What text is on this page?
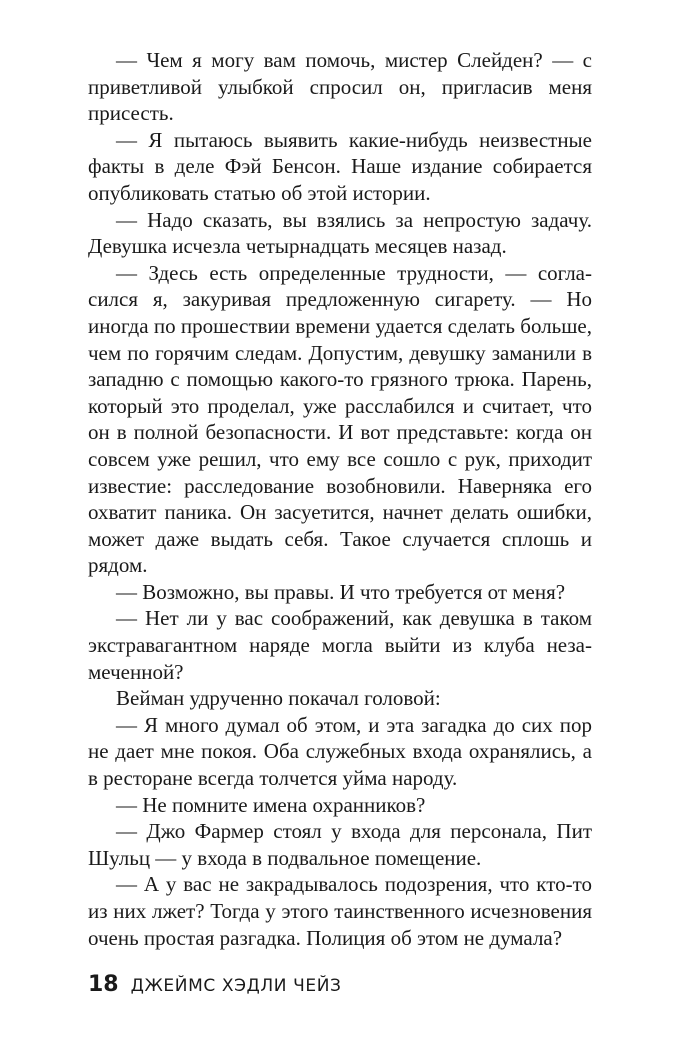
— Чем я могу вам помочь, мистер Слейден? — с приветливой улыбкой спросил он, пригласив меня присесть.

— Я пытаюсь выявить какие-нибудь неизвестные факты в деле Фэй Бенсон. Наше издание собирается опубликовать статью об этой истории.

— Надо сказать, вы взялись за непростую задачу. Девушка исчезла четырнадцать месяцев назад.

— Здесь есть определенные трудности, — согласился я, закуривая предложенную сигарету. — Но иногда по прошествии времени удается сделать больше, чем по горячим следам. Допустим, девушку заманили в западню с помощью какого-то грязного трюка. Парень, который это проделал, уже расслабился и считает, что он в полной безопасности. И вот представьте: когда он совсем уже решил, что ему все сошло с рук, приходит известие: расследование возобновили. Наверняка его охватит паника. Он засуетится, начнет делать ошибки, может даже выдать себя. Такое случается сплошь и рядом.

— Возможно, вы правы. И что требуется от меня?

— Нет ли у вас соображений, как девушка в таком экстравагантном наряде могла выйти из клуба незамеченной?

Вейман удрученно покачал головой:

— Я много думал об этом, и эта загадка до сих пор не дает мне покоя. Оба служебных входа охранялись, а в ресторане всегда толчется уйма народу.

— Не помните имена охранников?

— Джо Фармер стоял у входа для персонала, Пит Шульц — у входа в подвальное помещение.

— А у вас не закрадывалось подозрения, что кто-то из них лжет? Тогда у этого таинственного исчезновения очень простая разгадка. Полиция об этом не думала?

18 ДЖЕЙМС ХЭДЛИ ЧЕЙЗ
